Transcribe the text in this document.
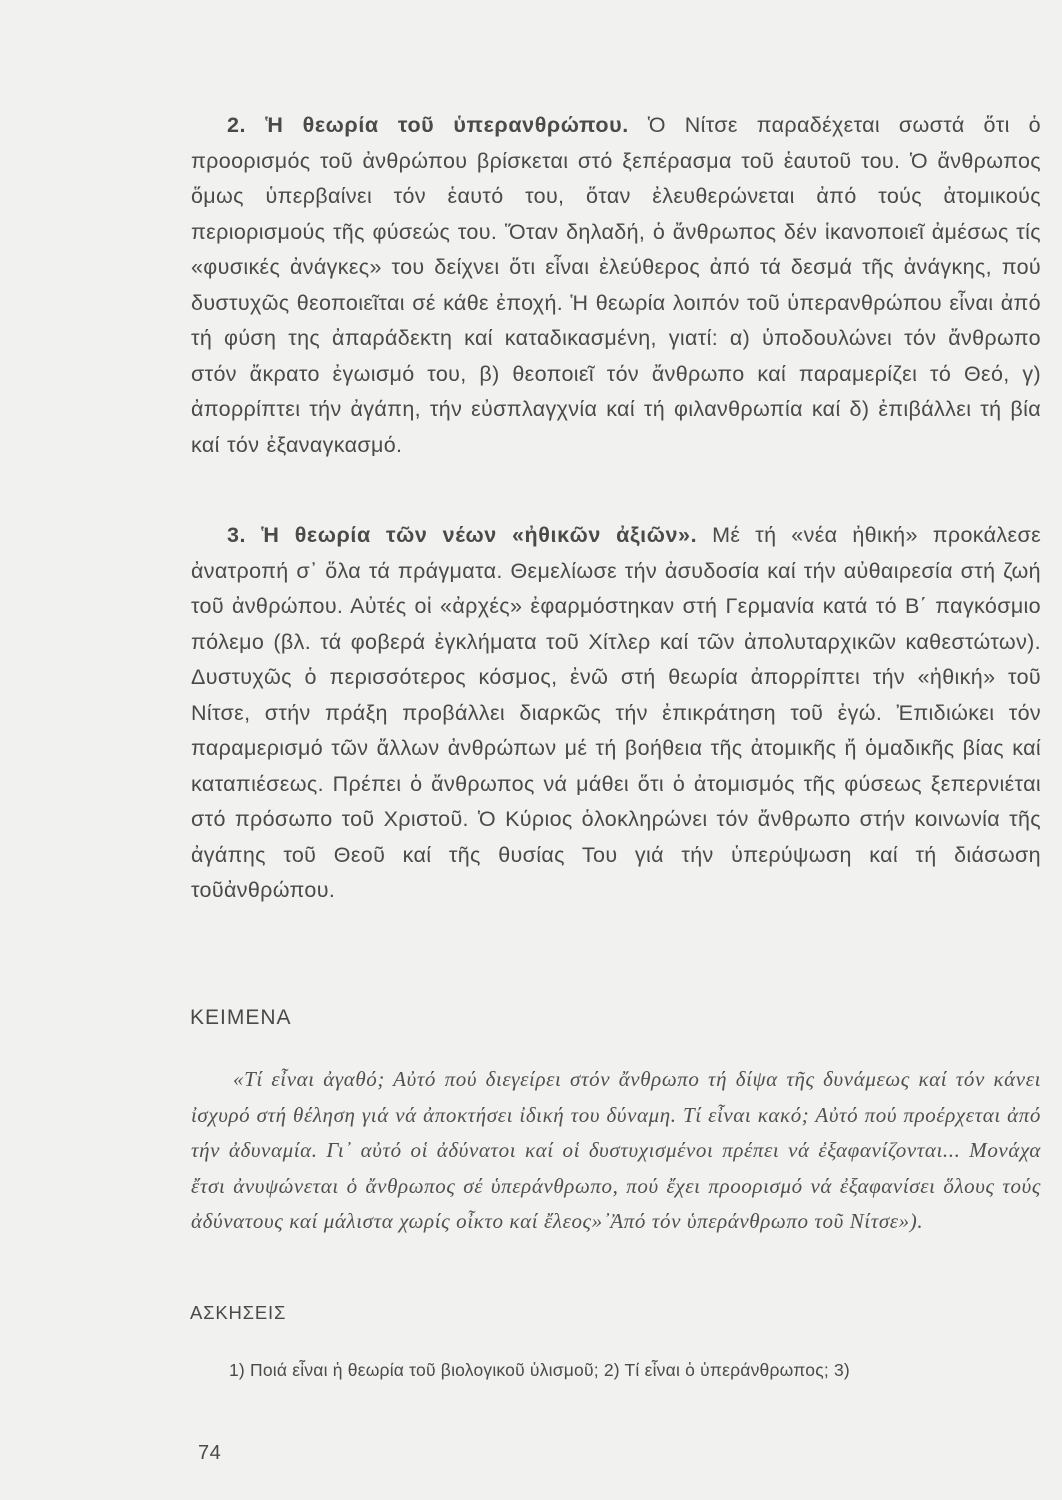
2. Ἡ θεωρία τοῦ ὑπερανθρώπου. Ὁ Νίτσε παραδέχεται σωστά ὅτι ὁ προορισμός τοῦ ἀνθρώπου βρίσκεται στό ξεπέρασμα τοῦ ἑαυτοῦ του. Ὁ ἄνθρωπος ὅμως ὑπερβαίνει τόν ἑαυτό του, ὅταν ἐλευθερώνεται ἀπό τούς ἀτομικούς περιορισμούς τῆς φύσεώς του. Ὅταν δηλαδή, ὁ ἄνθρωπος δέν ἱκανοποιεῖ ἀμέσως τίς «φυσικές ἀνάγκες» του δείχνει ὅτι εἶναι ἐλεύθερος ἀπό τά δεσμά τῆς ἀνάγκης, πού δυστυχῶς θεοποιεῖται σέ κάθε ἐποχή. Ἡ θεωρία λοιπόν τοῦ ὑπερανθρώπου εἶναι ἀπό τή φύση της ἀπαράδεκτη καί καταδικασμένη, γιατί: α) ὑποδουλώνει τόν ἄνθρωπο στόν ἄκρατο ἐγωισμό του, β) θεοποιεῖ τόν ἄνθρωπο καί παραμερίζει τό Θεό, γ) ἀπορρίπτει τήν ἀγάπη, τήν εὐσπλαγχνία καί τή φιλανθρωπία καί δ) ἐπιβάλλει τή βία καί τόν ἐξαναγκασμό.

3. Ἡ θεωρία τῶν νέων «ἠθικῶν ἀξιῶν». Μέ τή «νέα ἠθική» προκάλεσε ἀνατροπή σ᾽ ὅλα τά πράγματα. Θεμελίωσε τήν ἀσυδοσία καί τήν αὐθαιρεσία στή ζωή τοῦ ἀνθρώπου. Αὐτές οἱ «ἀρχές» ἐφαρμόστηκαν στή Γερμανία κατά τό Β΄ παγκόσμιο πόλεμο (βλ. τά φοβερά ἐγκλήματα τοῦ Χίτλερ καί τῶν ἀπολυταρχικῶν καθεστώτων). Δυστυχῶς ὁ περισσότερος κόσμος, ἐνῶ στή θεωρία ἀπορρίπτει τήν «ἠθική» τοῦ Νίτσε, στήν πράξη προβάλλει διαρκῶς τήν ἐπικράτηση τοῦ ἐγώ. Ἐπιδιώκει τόν παραμερισμό τῶν ἄλλων ἀνθρώπων μέ τή βοήθεια τῆς ἀτομικῆς ἤ ὁμαδικῆς βίας καί καταπιέσεως. Πρέπει ὁ ἄνθρωπος νά μάθει ὅτι ὁ ἀτομισμός τῆς φύσεως ξεπερνιέται στό πρόσωπο τοῦ Χριστοῦ. Ὁ Κύριος ὁλοκληρώνει τόν ἄνθρωπο στήν κοινωνία τῆς ἀγάπης τοῦ Θεοῦ καί τῆς θυσίας Του γιά τήν ὑπερύψωση καί τή διάσωση τοῦἀνθρώπου.

ΚΕΙΜΕΝΑ

«Τί εἶναι ἀγαθό; Αὐτό πού διεγείρει στόν ἄνθρωπο τή δίψα τῆς δυνάμεως καί τόν κάνει ἰσχυρό στή θέληση γιά νά ἀποκτήσει ἰδική του δύναμη. Τί εἶναι κακό; Αὐτό πού προέρχεται ἀπό τήν ἀδυναμία. Γι᾽ αὐτό οἱ ἀδύνατοι καί οἱ δυστυχισμένοι πρέπει νά ἐξαφανίζονται... Μονάχα ἔτσι ἀνυψώνεται ὁ ἄνθρωπος σέ ὑπεράνθρωπο, πού ἔχει προορισμό νά ἐξαφανίσει ὅλους τούς ἀδύνατους καί μάλιστα χωρίς οἶκτο καί ἔλεος»᾽Ἀπό τόν ὑπεράνθρωπο τοῦ Νίτσε»).

ΑΣΚΗΣΕΙΣ
1) Ποιά εἶναι ἡ θεωρία τοῦ βιολογικοῦ ὑλισμοῦ; 2) Τί εἶναι ὁ ὑπεράνθρωπος; 3)
74
